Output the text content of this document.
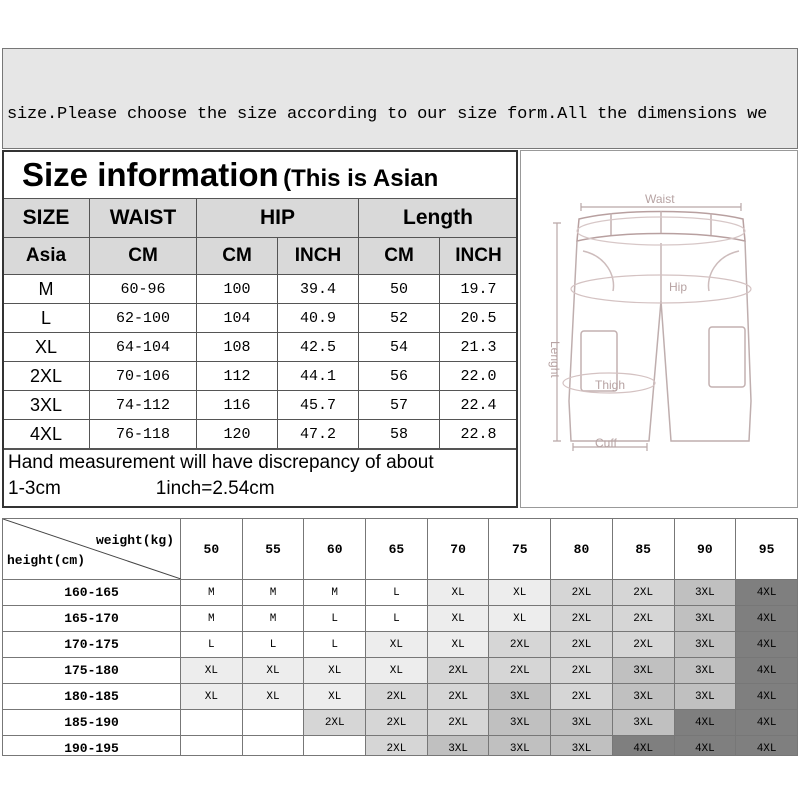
size.Please choose the size according to our size form.All the dimensions we

Size information (This is Asian
SIZE	WAIST	HIP		Length	
Asia	CM	CM	INCH	CM	INCH
M	60-96	100	39.4	50	19.7
L	62-100	104	40.9	52	20.5
XL	64-104	108	42.5	54	21.3
2XL	70-106	112	44.1	56	22.0
3XL	74-112	116	45.7	57	22.4
4XL	76-118	120	47.2	58	22.8
Hand measurement will have discrepancy of about
1-3cm                  1inch=2.54cm
Waist
Hip
Thigh
Cuff
Lenght
weight(kg)
height(cm)	50	55	60	65	70	75	80	85	90	95
160-165	M	M	M	L	XL	XL	2XL	2XL	3XL	4XL
165-170	M	M	L	L	XL	XL	2XL	2XL	3XL	4XL
170-175	L	L	L	XL	XL	2XL	2XL	2XL	3XL	4XL
175-180	XL	XL	XL	XL	2XL	2XL	2XL	3XL	3XL	4XL
180-185	XL	XL	XL	2XL	2XL	3XL	2XL	3XL	3XL	4XL
185-190			2XL	2XL	2XL	3XL	3XL	3XL	4XL	4XL
190-195				2XL	3XL	3XL	3XL	4XL	4XL	4XL
